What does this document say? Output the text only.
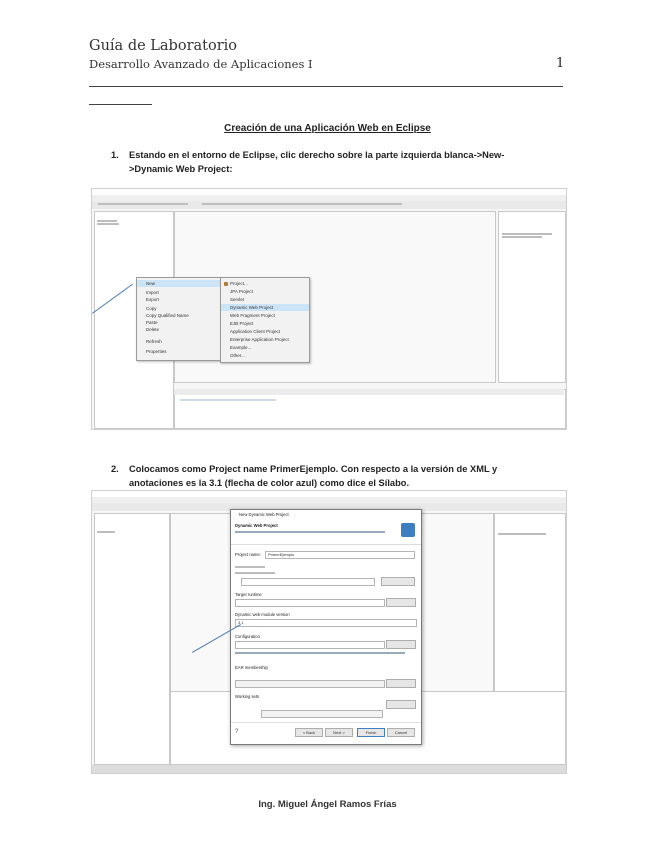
Guía de Laboratorio
Desarrollo Avanzado de Aplicaciones I	1
Creación de una Aplicación Web en Eclipse
1. Estando en el entorno de Eclipse, clic derecho sobre la parte izquierda blanca->New-
>Dynamic Web Project:
New
Import
Export
Copy
Copy Qualified Name
Paste
Delete
Refresh
Properties
Project...
JPA Project
Servlet
Dynamic Web Project
Web Fragment Project
EJB Project
Application Client Project
Enterprise Application Project
Example...
Other...
2. Colocamos como Project name PrimerEjemplo. Con respecto a la versión de XML y
anotaciones es la 3.1 (flecha de color azul) como dice el Sílabo.
New Dynamic Web Project
Dynamic Web Project
Project name:	PrimerEjemplo
Target runtime
Dynamic web module version
3.1
Configuration
EAR membership
Working sets
?	< Back	Next >	Finish	Cancel
Ing. Miguel Ángel Ramos Frías
